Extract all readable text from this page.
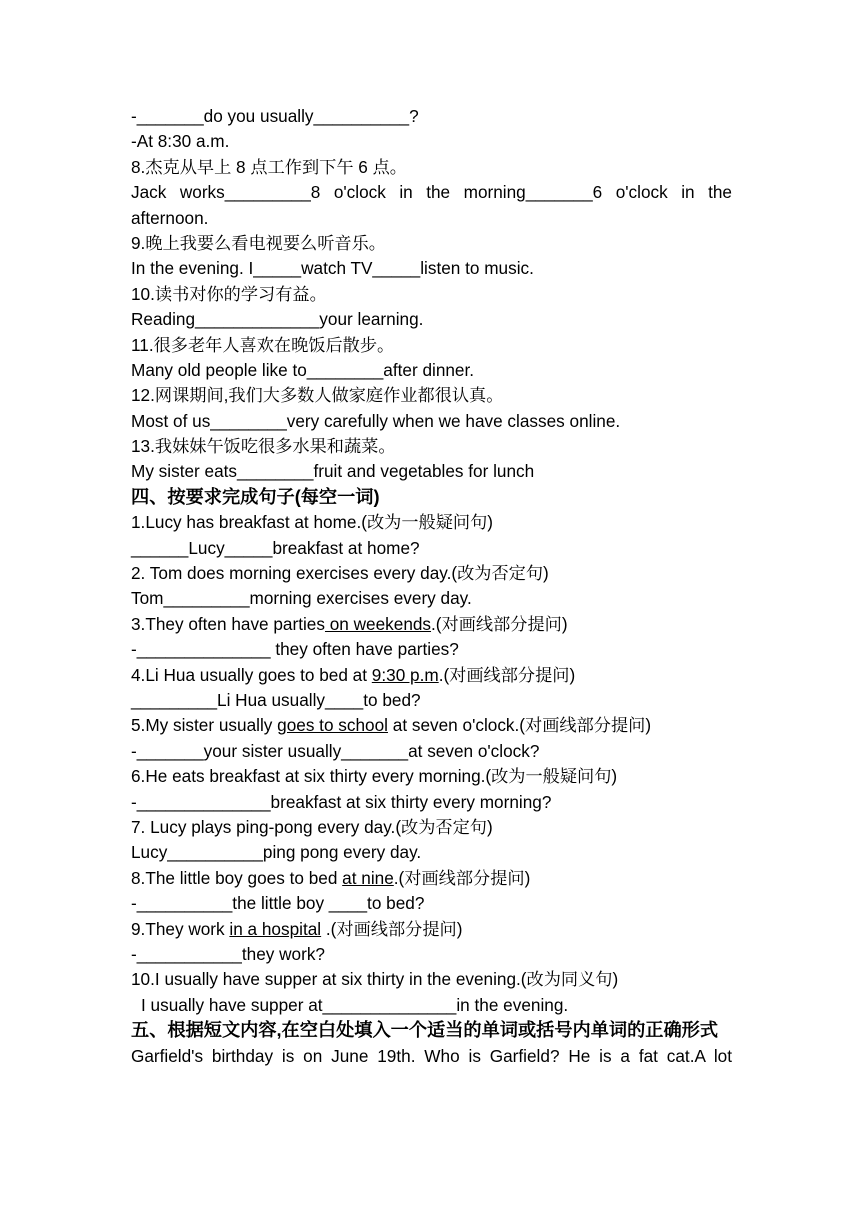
-_______do you usually__________?
-At 8:30 a.m.
8.杰克从早上 8 点工作到下午 6 点。
Jack works_________8 o'clock in the morning_______6 o'clock in the
afternoon.
9.晚上我要么看电视要么听音乐。
In the evening. I_____watch TV_____listen to music.
10.读书对你的学习有益。
Reading_____________your learning.
11.很多老年人喜欢在晚饭后散步。
Many old people like to________after dinner.
12.网课期间,我们大多数人做家庭作业都很认真。
Most of us________very carefully when we have classes online.
13.我妹妹午饭吃很多水果和蔬菜。
My sister eats________fruit and vegetables for lunch
四、按要求完成句子(每空一词)
1.Lucy has breakfast at home.(改为一般疑问句)
______Lucy_____breakfast at home?
2. Tom does morning exercises every day.(改为否定句)
Tom_________morning exercises every day.
3.They often have parties on weekends.(对画线部分提问)
-______________ they often have parties?
4.Li Hua usually goes to bed at 9:30 p.m.(对画线部分提问)
_________Li Hua usually____to bed?
5.My sister usually goes to school at seven o'clock.(对画线部分提问)
-_______your sister usually_______at seven o'clock?
6.He eats breakfast at six thirty every morning.(改为一般疑问句)
-______________breakfast at six thirty every morning?
7. Lucy plays ping-pong every day.(改为否定句)
Lucy__________ping pong every day.
8.The little boy goes to bed at nine.(对画线部分提问)
-__________the little boy ____to bed?
9.They work in a hospital .(对画线部分提问)
-___________they work?
10.I usually have supper at six thirty in the evening.(改为同义句)
I usually have supper at______________in the evening.
五、根据短文内容,在空白处填入一个适当的单词或括号内单词的正确形式
Garfield's birthday is on June 19th. Who is Garfield? He is a fat cat.A lot
